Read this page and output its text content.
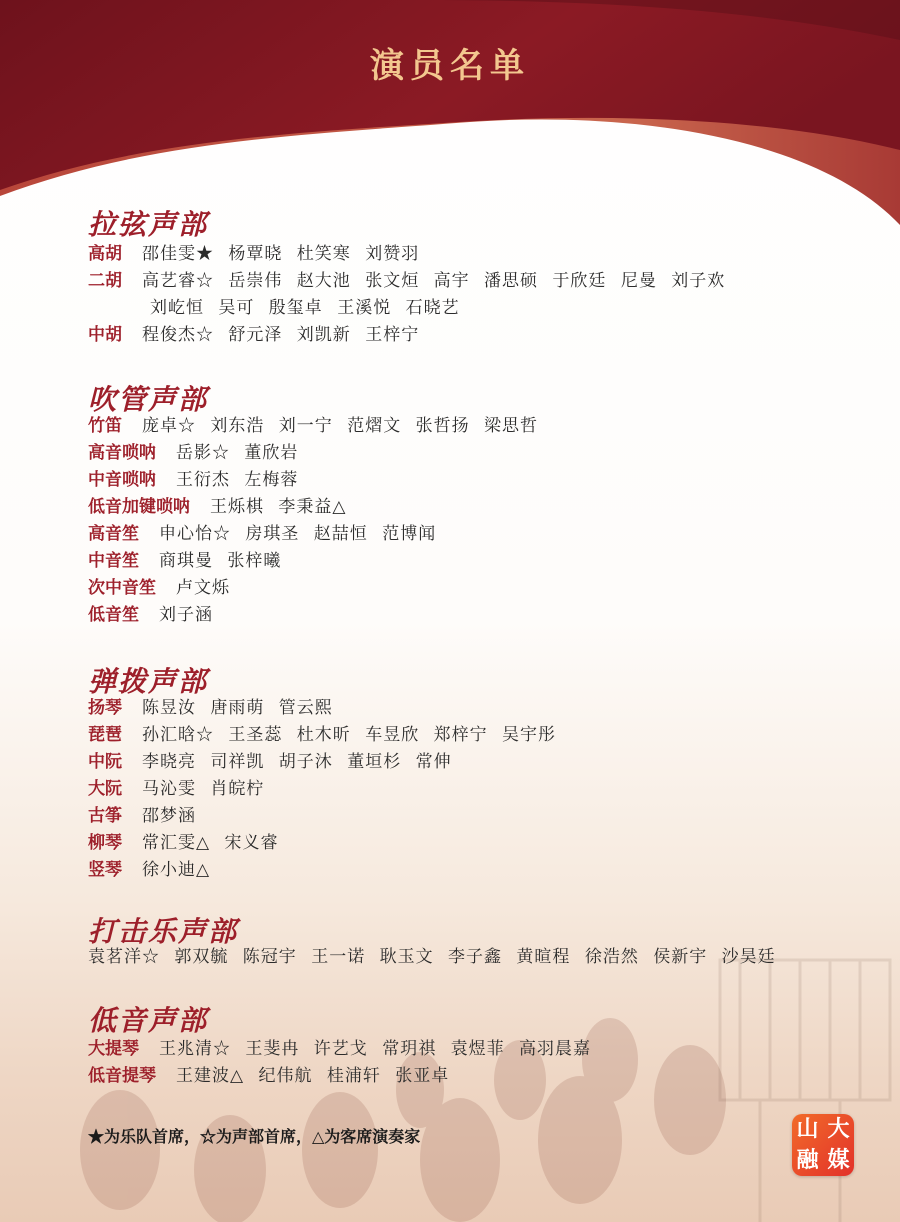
演员名单
拉弦声部
高胡 邵佳雯★ 杨覃晓 杜笑寒 刘赞羽
二胡 高艺睿☆ 岳崇伟 赵大池 张文烜 高宇 潘思硕 于欣廷 尼曼 刘子欢
刘屹恒 吴可 殷玺卓 王溪悦 石晓艺
中胡 程俊杰☆ 舒元泽 刘凯新 王梓宁
吹管声部
竹笛 庞卓☆ 刘东浩 刘一宁 范熠文 张哲扬 梁思哲
高音唢呐 岳影☆ 董欣岩
中音唢呐 王衍杰 左梅蓉
低音加键唢呐 王烁棋 李秉益△
高音笙 申心怡☆ 房琪圣 赵喆恒 范博闻
中音笙 商琪曼 张梓曦
次中音笙 卢文烁
低音笙 刘子涵
弹拨声部
扬琴 陈昱汝 唐雨萌 管云熙
琵琶 孙汇晗☆ 王圣蕊 杜木昕 车昱欣 郑梓宁 吴宇彤
中阮 李晓亮 司祥凯 胡子沐 董垣杉 常伸
大阮 马沁雯 肖皖柠
古筝 邵梦涵
柳琴 常汇雯△ 宋义睿
竖琴 徐小迪△
打击乐声部
袁茗洋☆ 郭双毓 陈冠宇 王一诺 耿玉文 李子鑫 黄暄程 徐浩然 侯新宇 沙昊廷
低音声部
大提琴 王兆清☆ 王斐冉 许艺戈 常玥祺 袁煜菲 高羽晨嘉
低音提琴 王建波△ 纪伟航 桂浦轩 张亚卓
★为乐队首席，☆为声部首席，△为客席演奏家	山 大
融 媒
